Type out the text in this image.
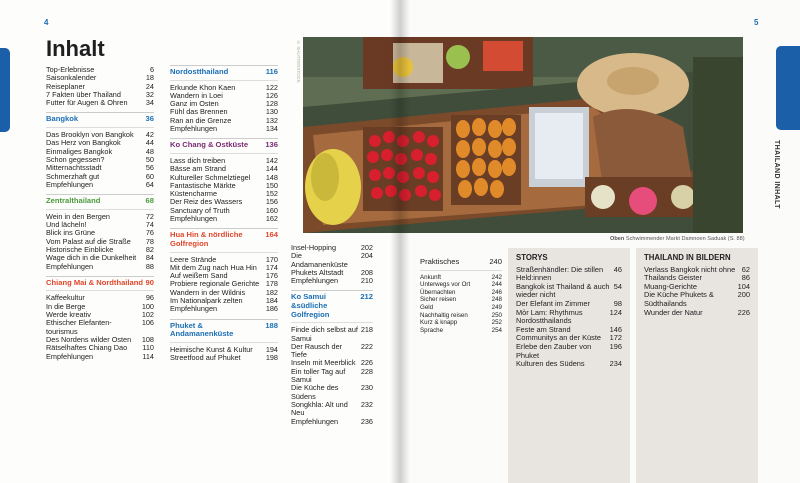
4
Inhalt
Top-Erlebnisse	6
Saisonkalender	18
Reiseplaner	24
7 Fakten über Thailand	32
Futter für Augen & Ohren	34
Bangkok	36
Das Brooklyn von Bangkok	42
Das Herz von Bangkok	44
Einmaliges Bangkok	48
Schon gegessen?	50
Mitternachtsstadt	56
Schmerzhaft gut	60
Empfehlungen	64
Zentralthailand	68
Wein in den Bergen	72
Und lächeln!	74
Blick ins Grüne	76
Vom Palast auf die Straße	78
Historische Einblicke	82
Wage dich in die Dunkelheit	84
Empfehlungen	88
Chiang Mai & Nordthailand 90
Kaffeekultur	96
In die Berge	100
Werde kreativ	102
Ethischer Elefantentourismus
106
Des Nordens wilder Osten	108
Rätselhaftes Chiang Dao	110
Empfehlungen	114
Nordostthailand	116
Erkunde Khon Kaen	122
Wandern in Loei	126
Ganz im Osten	128
Fühl das Brennen	130
Ran an die Grenze	132
Empfehlungen	134
Ko Chang & Ostküste 136
Lass dich treiben	142
Bässe am Strand	144
Kultureller Schmelztiegel	148
Fantastische Märkte	150
Küstencharme	152
Der Reiz des Wassers	156
Sanctuary of Truth	160
Empfehlungen	162
Hua Hin & nördliche Golfregion
164
Leere Strände	170
Mit dem Zug nach Hua Hin	174
Auf weißem Sand	176
Probiere regionale Gerichte 178
Wandern in der Wildnis	182
Im Nationalpark zelten	184
Empfehlungen	186
Phuket & Andamanenküste
188
Heimische Kunst & Kultur	194
Streetfood auf Phuket	198
Insel-Hopping	202
Die Andamanenküste
204
Phukets Altstadt	208
Empfehlungen	210
Ko Samui &südliche Golfregion
212
Finde dich selbst auf Samui
218
Der Rausch der Tiefe
222
Inseln mit Meerblick 226
Ein toller Tag auf Samui
228
Die Küche des Südens
230
Songkhla: Alt und Neu
232
Empfehlungen	236
© SHUTTERSTOCK
5
THAILAND INHALT
Oben Schwimmender Markt Damnoen Saduak (S. 88)
Praktisches	240
Ankunft	242
Unterwegs vor Ort	244
Übernachten	246
Sicher reisen	248
Geld	249
Nachhaltig reisen	250
Kurz & knapp	252
Sprache	254
STORYS
Straßenhändler: Die stillen Held:innen
46
Bangkok ist Thailand & auch wieder nicht
54
Der Elefant im Zimmer	98
Mỏr Lam: Rhythmus Nordostthailands
124
Feste am Strand	146
Communitys an der Küste	172
Erlebe den Zauber von Phuket
196
Kulturen des Südens	234
THAILAND IN BILDERN
Verlass Bangkok nicht ohne 62
Thailands Geister	86
Muang-Gerichte	104
Die Küche Phukets & Südthailands
200
Wunder der Natur	226
